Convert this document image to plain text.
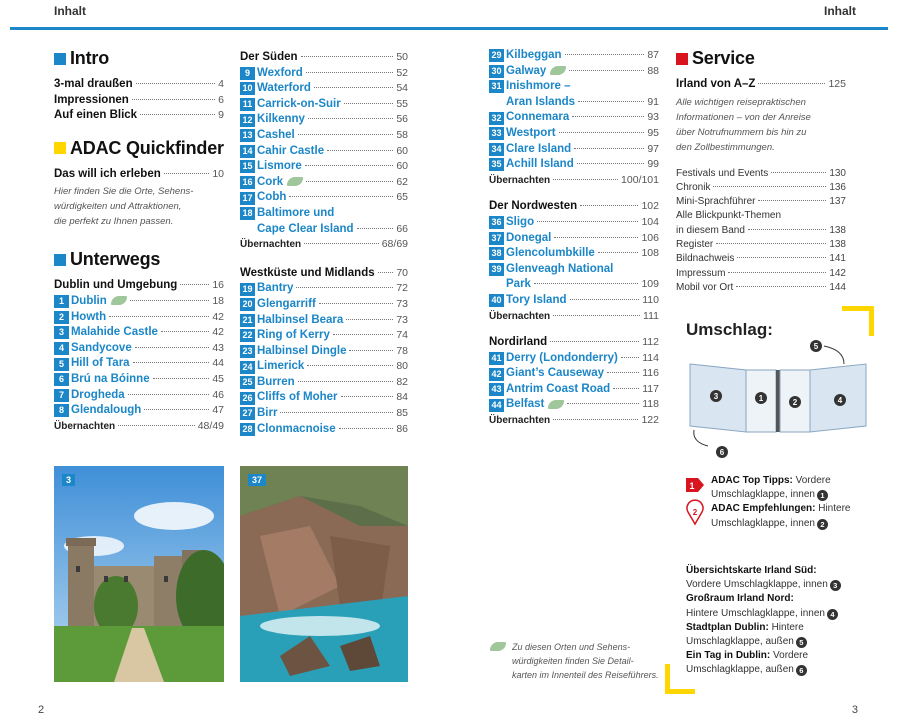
Inhalt	Inhalt
Intro
3-mal draußen	4
Impressionen	6
Auf einen Blick	9
ADAC Quickfinder
Das will ich erleben	10
Hier finden Sie die Orte, Sehens-
würdigkeiten und Attraktionen,
die perfekt zu Ihnen passen.
Unterwegs
Dublin und Umgebung	16
1 Dublin	18
2 Howth	42
3 Malahide Castle	42
4 Sandycove	43
5 Hill of Tara	44
6 Brú na Bóinne	45
7 Drogheda	46
8 Glendalough	47
Übernachten	48/49
Der Süden	50
9 Wexford	52
10 Waterford	54
11 Carrick-on-Suir	55
12 Kilkenny	56
13 Cashel	58
14 Cahir Castle	60
15 Lismore	60
16 Cork	62
17 Cobh	65
18 Baltimore und
Cape Clear Island	66
Übernachten	68/69
Westküste und Midlands 70
19 Bantry	72
20 Glengarriff	73
21 Halbinsel Beara	73
22 Ring of Kerry	74
23 Halbinsel Dingle	78
24 Limerick	80
25 Burren	82
26 Cliffs of Moher	84
27 Birr	85
28 Clonmacnoise	86
29 Kilbeggan	87
30 Galway	88
31 Inishmore –
Aran Islands	91
32 Connemara	93
33 Westport	95
34 Clare Island	97
35 Achill Island	99
Übernachten	100/101
Der Nordwesten	102
36 Sligo	104
37 Donegal	106
38 Glencolumbkille	108
39 Glenveagh National
Park	109
40 Tory Island	110
Übernachten	111
Nordirland	112
41 Derry (Londonderry) 114
42 Giant’s Causeway	116
43 Antrim Coast Road	117
44 Belfast	118
Übernachten	122
Zu diesen Orten und Sehens-
würdigkeiten finden Sie Detail-
karten im Innenteil des Reiseführers.
Service
Irland von A–Z	125
Alle wichtigen reisepraktischen
Informationen – von der Anreise
über Notrufnummern bis hin zu
den Zollbestimmungen.
Festivals und Events	130
Chronik	136
Mini-Sprachführer	137
Alle Blickpunkt-Themen
in diesem Band	138
Register	138
Bildnachweis	141
Impressum	142
Mobil vor Ort	144
3	37
Umschlag:
3	1	2	4
5
6
1
2
ADAC Top Tipps: Vordere
Umschlagklappe, innen 1
ADAC Empfehlungen: Hintere
Umschlagklappe, innen 2
Übersichtskarte Irland Süd:
Vordere Umschlagklappe, innen 3
Großraum Irland Nord:
Hintere Umschlagklappe, innen 4
Stadtplan Dublin: Hintere
Umschlagklappe, außen 5
Ein Tag in Dublin: Vordere
Umschlagklappe, außen 6
2	3
